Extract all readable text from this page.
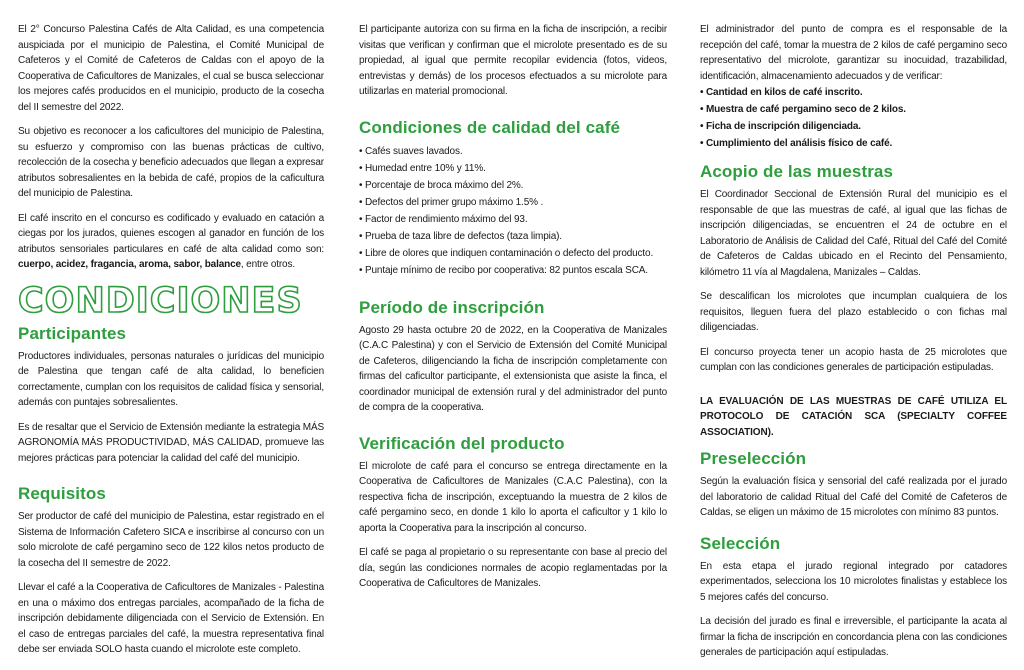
El 2° Concurso Palestina Cafés de Alta Calidad, es una competencia auspiciada por el municipio de Palestina, el Comité Municipal de Cafeteros y el Comité de Cafeteros de Caldas con el apoyo de la Cooperativa de Caficultores de Manizales, el cual se busca seleccionar los mejores cafés producidos en el municipio, producto de la cosecha del II semestre del 2022.

Su objetivo es reconocer a los caficultores del municipio de Palestina, su esfuerzo y compromiso con las buenas prácticas de cultivo, recolección de la cosecha y beneficio adecuados que llegan a expresar atributos sobresalientes en la bebida de café, propios de la caficultura del municipio de Palestina.

El café inscrito en el concurso es codificado y evaluado en catación a ciegas por los jurados, quienes escogen al ganador en función de los atributos sensoriales particulares en café de alta calidad como son: cuerpo, acidez, fragancia, aroma, sabor, balance, entre otros.

CONDICIONES
Participantes

Productores individuales, personas naturales o jurídicas del municipio de Palestina que tengan café de alta calidad, lo beneficien correctamente, cumplan con los requisitos de calidad física y sensorial, además con puntajes sobresalientes.

Es de resaltar que el Servicio de Extensión mediante la estrategia MÁS AGRONOMÍA MÁS PRODUCTIVIDAD, MÁS CALIDAD, promueve las mejores prácticas para potenciar la calidad del café del municipio.

Requisitos

Ser productor de café del municipio de Palestina, estar registrado en el Sistema de Información Cafetero SICA e inscribirse al concurso con un solo microlote de café pergamino seco de 122 kilos netos producto de la cosecha del II semestre de 2022.

Llevar el café a la Cooperativa de Caficultores de Manizales - Palestina en una o máximo dos entregas parciales, acompañado de la ficha de inscripción debidamente diligenciada con el Servicio de Extensión. En el caso de entregas parciales del café, la muestra representativa final debe ser enviada SOLO hasta cuando el microlote este completo.

El participante autoriza con su firma en la ficha de inscripción, a recibir visitas que verifican y confirman que el microlote presentado es de su propiedad, al igual que permite recopilar evidencia (fotos, videos, entrevistas y demás) de los procesos efectuados a su microlote para utilizarlas en material promocional.

Condiciones de calidad del café
• Cafés suaves lavados.
• Humedad entre 10% y 11%.
• Porcentaje de broca máximo del 2%.
• Defectos del primer grupo máximo 1.5% .
• Factor de rendimiento máximo del 93.
• Prueba de taza libre de defectos (taza limpia).
• Libre de olores que indiquen contaminación o defecto del producto.
• Puntaje mínimo de recibo por cooperativa: 82 puntos escala SCA.
Período de inscripción

Agosto 29 hasta octubre 20 de 2022, en la Cooperativa de Manizales (C.A.C Palestina) y con el Servicio de Extensión del Comité Municipal de Cafeteros, diligenciando la ficha de inscripción completamente con firmas del caficultor participante, el extensionista que asiste la finca, el coordinador municipal de extensión rural y del administrador del punto de compra de la cooperativa.

Verificación del producto

El microlote de café para el concurso se entrega directamente en la Cooperativa de Caficultores de Manizales (C.A.C Palestina), con la respectiva ficha de inscripción, exceptuando la muestra de 2 kilos de café pergamino seco, en donde 1 kilo lo aporta el caficultor y 1 kilo lo aporta la Cooperativa para la inscripción al concurso.

El café se paga al propietario o su representante con base al precio del día, según las condiciones normales de acopio reglamentadas por la Cooperativa de Caficultores de Manizales.

El administrador del punto de compra es el responsable de la recepción del café, tomar la muestra de 2 kilos de café pergamino seco representativo del microlote, garantizar su inocuidad, trazabilidad, identificación, almacenamiento adecuados y de verificar:

• Cantidad en kilos de café inscrito.
• Muestra de café pergamino seco de 2 kilos.
• Ficha de inscripción diligenciada.
• Cumplimiento del análisis físico de café.
Acopio de las muestras

El Coordinador Seccional de Extensión Rural del municipio es el responsable de que las muestras de café, al igual que las fichas de inscripción diligenciadas, se encuentren el 24 de octubre en el Laboratorio de Análisis de Calidad del Café, Ritual del Café del Comité de Cafeteros de Caldas ubicado en el Recinto del Pensamiento, kilómetro 11 vía al Magdalena, Manizales – Caldas.

Se descalifican los microlotes que incumplan cualquiera de los requisitos, lleguen fuera del plazo establecido o con fichas mal diligenciadas.

El concurso proyecta tener un acopio hasta de 25 microlotes que cumplan con las condiciones generales de participación estipuladas.

LA EVALUACIÓN DE LAS MUESTRAS DE CAFÉ UTILIZA EL PROTOCOLO DE CATACIÓN SCA (SPECIALTY COFFEE ASSOCIATION).
Preselección

Según la evaluación física y sensorial del café realizada por el jurado del laboratorio de calidad Ritual del Café del Comité de Cafeteros de Caldas, se eligen un máximo de 15 microlotes con mínimo 83 puntos.

Selección

En esta etapa el jurado regional integrado por catadores experimentados, selecciona los 10 microlotes finalistas y establece los 5 mejores cafés del concurso.

La decisión del jurado es final e irreversible, el participante la acata al firmar la ficha de inscripción en concordancia plena con las condiciones generales de participación aquí estipuladas.
